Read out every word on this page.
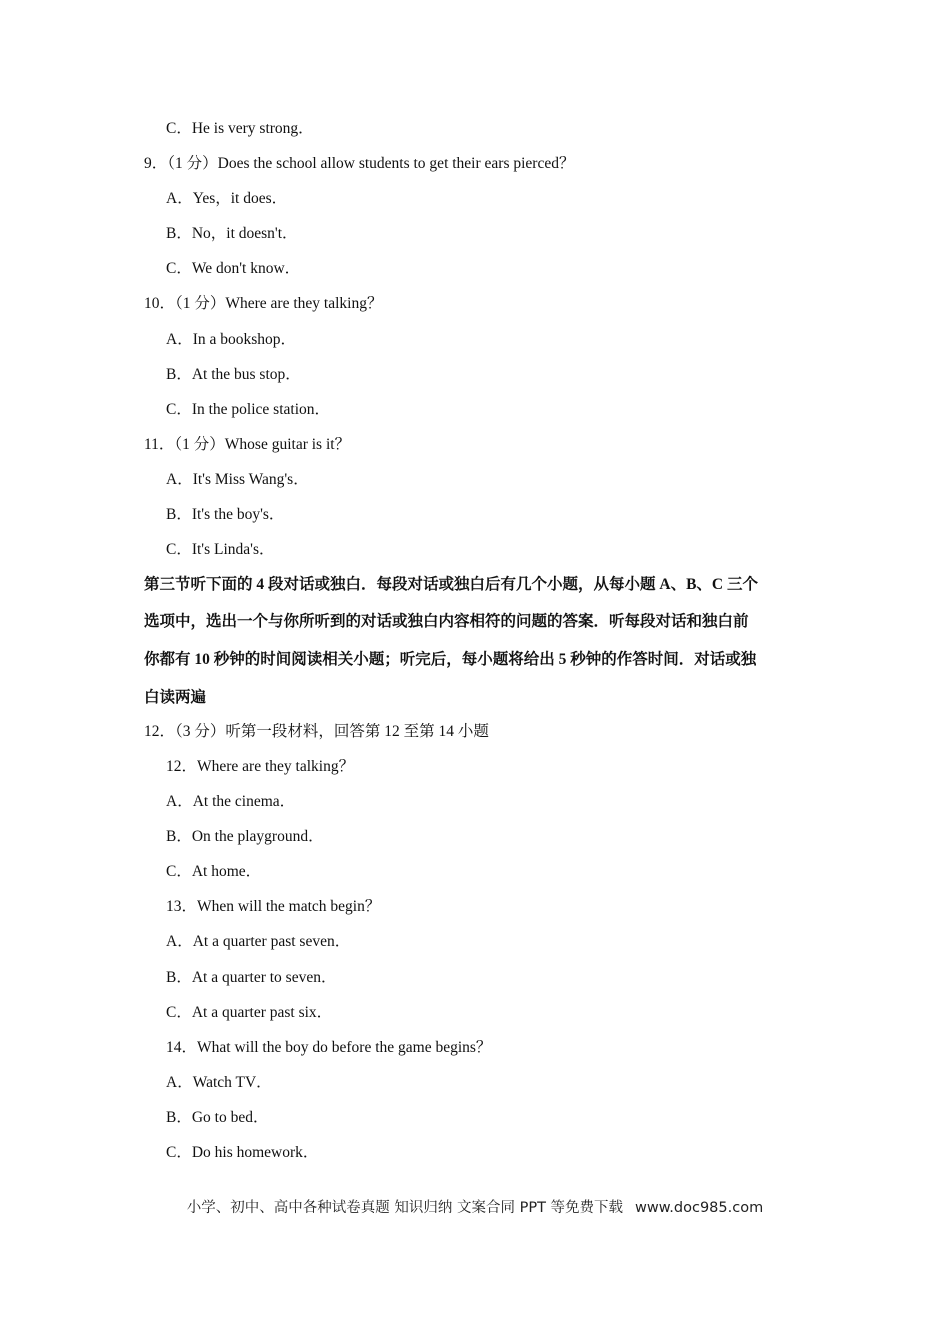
C．He is very strong．
9．（1 分）Does the school allow students to get their ears pierced？
A．Yes，it does．
B．No，it doesn't．
C．We don't know．
10．（1 分）Where are they talking？
A．In a bookshop．
B．At the bus stop．
C．In the police station．
11．（1 分）Whose guitar is it？
A．It's Miss Wang's．
B．It's the boy's．
C．It's Linda's．
第三节听下面的 4 段对话或独白．每段对话或独白后有几个小题，从每小题 A、B、C 三个
选项中，选出一个与你所听到的对话或独白内容相符的问题的答案．听每段对话和独白前
你都有 10 秒钟的时间阅读相关小题；听完后，每小题将给出 5 秒钟的作答时间．对话或独
白读两遍
12．（3 分）听第一段材料，回答第 12 至第 14 小题
12．Where are they talking？
A．At the cinema．
B．On the playground．
C．At home．
13．When will the match begin？
A．At a quarter past seven．
B．At a quarter to seven．
C．At a quarter past six．
14．What will the boy do before the game begins？
A．Watch TV．
B．Go to bed．
C．Do his homework．
小学、初中、高中各种试卷真题 知识归纳 文案合同 PPT 等免费下载 www.doc985.com
